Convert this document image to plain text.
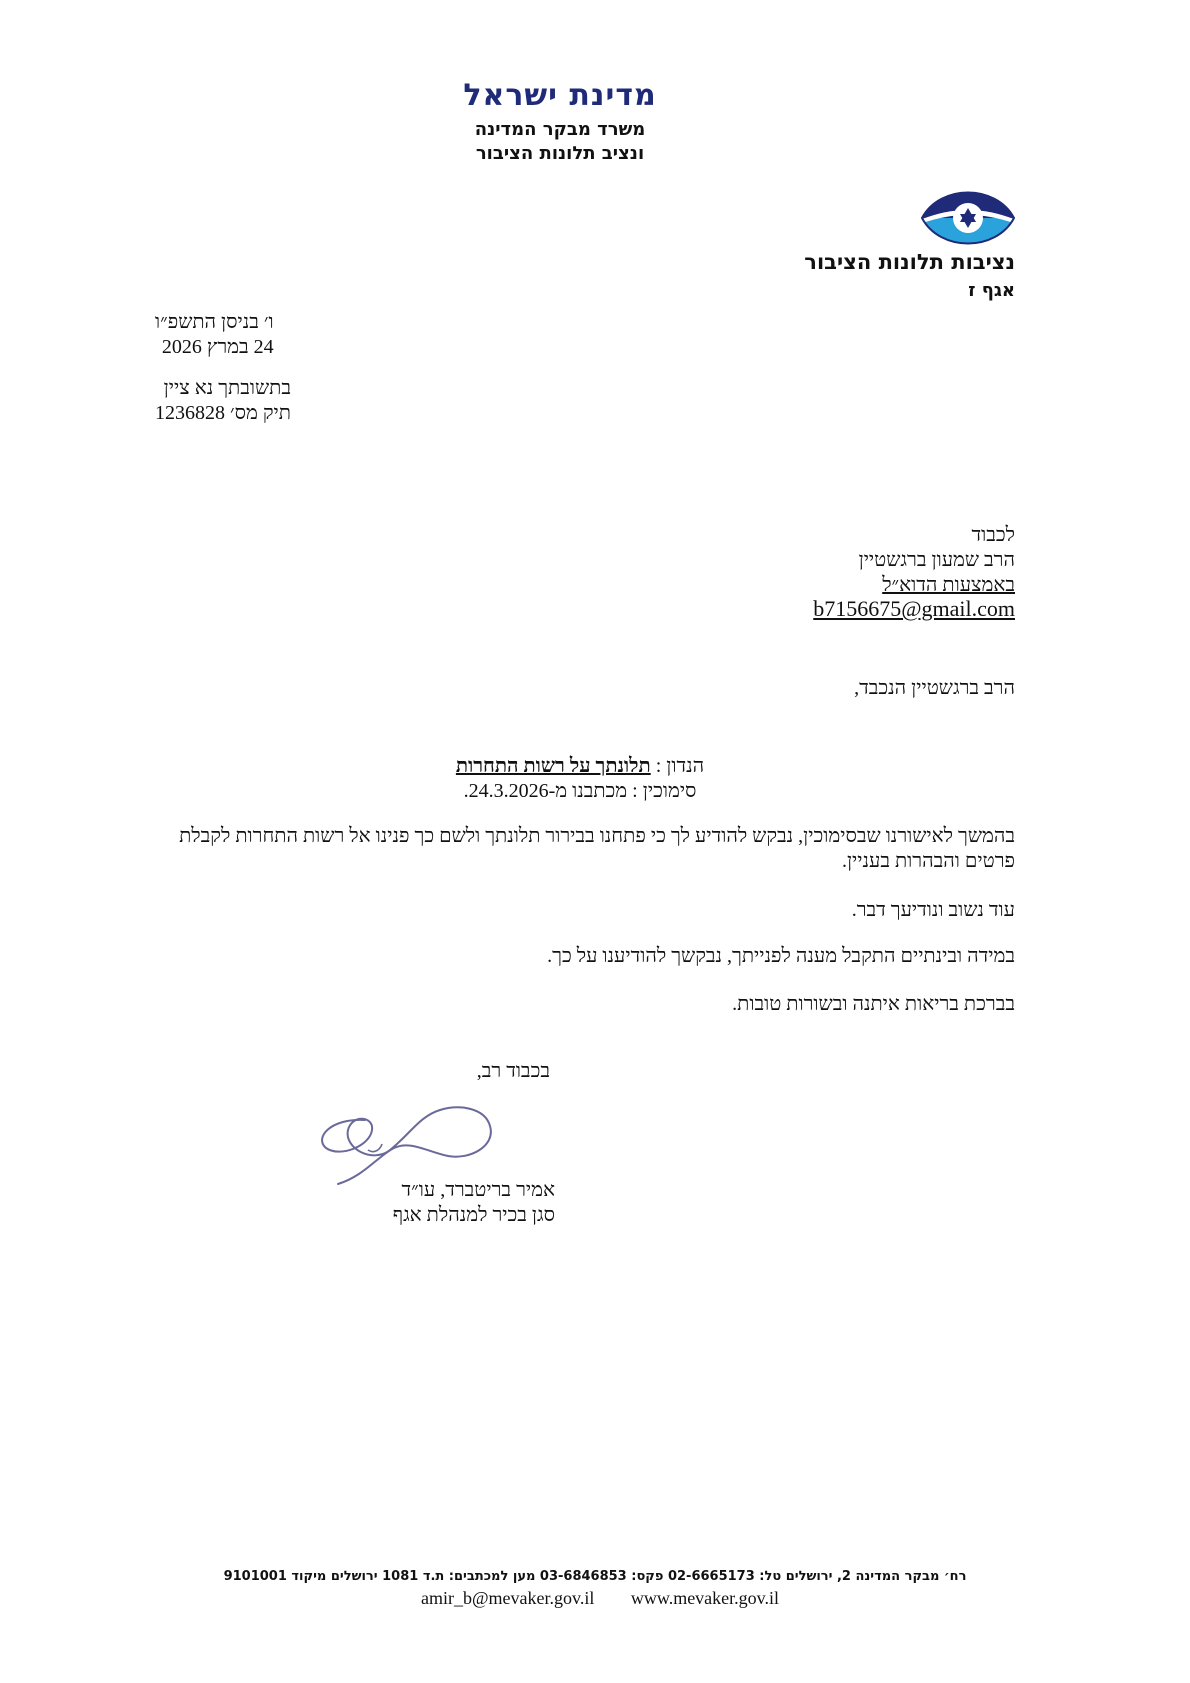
מדינת ישראל
משרד מבקר המדינה
ונציב תלונות הציבור
נציבות תלונות הציבור
אגף ז
ו׳ בניסן התשפ״ו
24 במרץ 2026
בתשובתך נא ציין
תיק מס׳ 1236828
לכבוד
הרב שמעון ברגשטיין
באמצעות הדוא״ל
b7156675@gmail.com
הרב ברגשטיין הנכבד,
הנדון : תלונתך על רשות התחרות
סימוכין : מכתבנו מ-24.3.2026.
בהמשך לאישורנו שבסימוכין, נבקש להודיע לך כי פתחנו בבירור תלונתך ולשם כך פנינו אל רשות התחרות לקבלת פרטים והבהרות בעניין.
עוד נשוב ונודיעך דבר.
במידה ובינתיים התקבל מענה לפנייתך, נבקשך להודיענו על כך.
בברכת בריאות איתנה ובשורות טובות.
בכבוד רב,
אמיר בריטברד, עו״ד
סגן בכיר למנהלת אגף
רח׳ מבקר המדינה 2, ירושלים טל: 02-6665173 פקס: 03-6846853 מען למכתבים: ת.ד 1081 ירושלים מיקוד 9101001
amir_b@mevaker.gov.il www.mevaker.gov.il
